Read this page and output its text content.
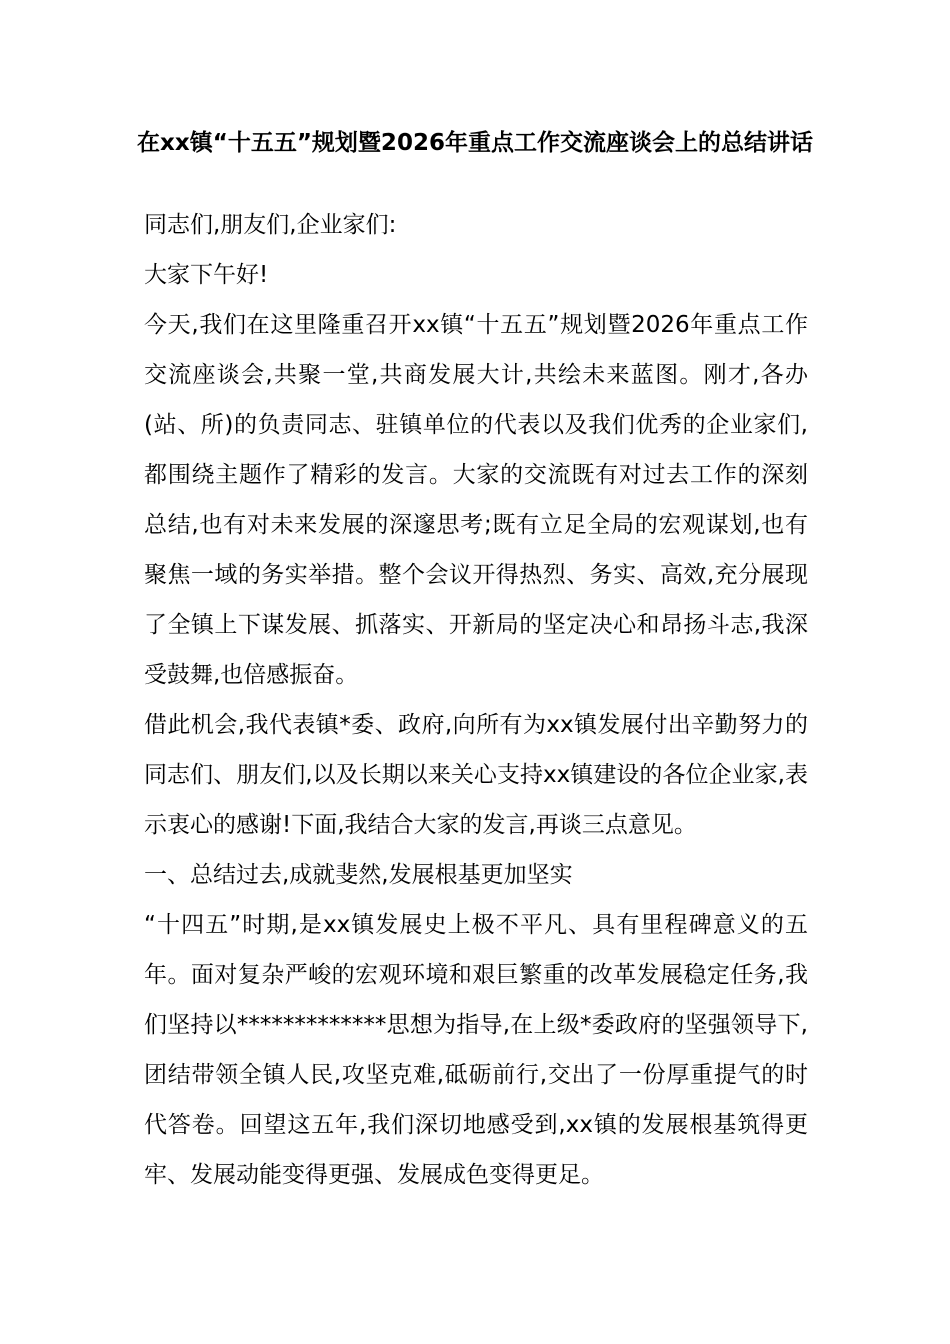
在xx镇“十五五”规划暨2026年重点工作交流座谈会上的总结讲话

同志们,朋友们,企业家们:

大家下午好!

今天,我们在这里隆重召开xx镇“十五五”规划暨2026年重点工作交流座谈会,共聚一堂,共商发展大计,共绘未来蓝图。刚才,各办(站、所)的负责同志、驻镇单位的代表以及我们优秀的企业家们,都围绕主题作了精彩的发言。大家的交流既有对过去工作的深刻总结,也有对未来发展的深邃思考;既有立足全局的宏观谋划,也有聚焦一域的务实举措。整个会议开得热烈、务实、高效,充分展现了全镇上下谋发展、抓落实、开新局的坚定决心和昂扬斗志,我深受鼓舞,也倍感振奋。

借此机会,我代表镇*委、政府,向所有为xx镇发展付出辛勤努力的同志们、朋友们,以及长期以来关心支持xx镇建设的各位企业家,表示衷心的感谢!下面,我结合大家的发言,再谈三点意见。

一、总结过去,成就斐然,发展根基更加坚实

“十四五”时期,是xx镇发展史上极不平凡、具有里程碑意义的五年。面对复杂严峻的宏观环境和艰巨繁重的改革发展稳定任务,我们坚持以*************思想为指导,在上级*委政府的坚强领导下,团结带领全镇人民,攻坚克难,砥砺前行,交出了一份厚重提气的时代答卷。回望这五年,我们深切地感受到,xx镇的发展根基筑得更牢、发展动能变得更强、发展成色变得更足。
